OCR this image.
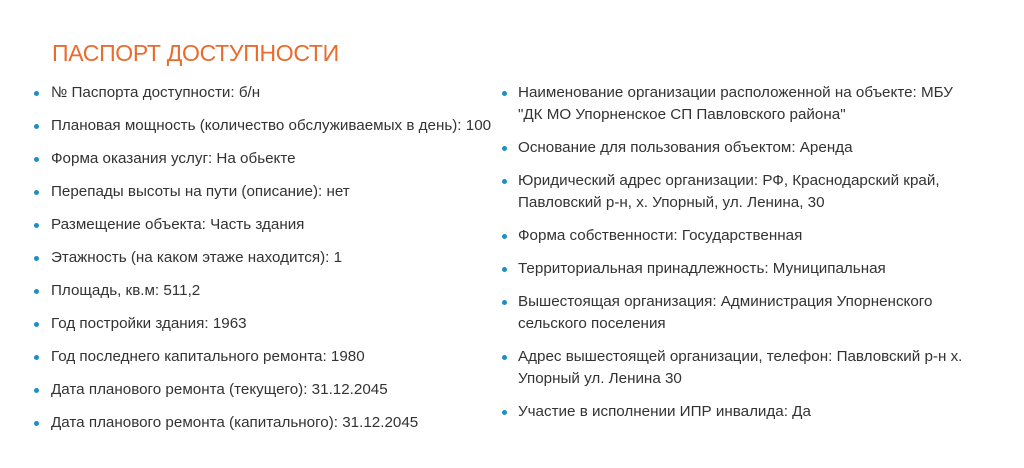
ПАСПОРТ ДОСТУПНОСТИ
№ Паспорта доступности: б/н
Плановая мощность (количество обслуживаемых в день): 100
Форма оказания услуг: На обьекте
Перепады высоты на пути (описание): нет
Размещение объекта: Часть здания
Этажность (на каком этаже находится): 1
Площадь, кв.м: 511,2
Год постройки здания: 1963
Год последнего капитального ремонта: 1980
Дата планового ремонта (текущего): 31.12.2045
Дата планового ремонта (капитального): 31.12.2045
Наименование организации расположенной на объекте: МБУ
"ДК МО Упорненское СП Павловского района"
Основание для пользования объектом: Аренда
Юридический адрес организации: РФ, Краснодарский край,
Павловский р-н, х. Упорный, ул. Ленина, 30
Форма собственности: Государственная
Территориальная принадлежность: Муниципальная
Вышестоящая организация: Администрация Упорненского
сельского поселения
Адрес вышестоящей организации, телефон: Павловский р-н х.
Упорный ул. Ленина 30
Участие в исполнении ИПР инвалида: Да
